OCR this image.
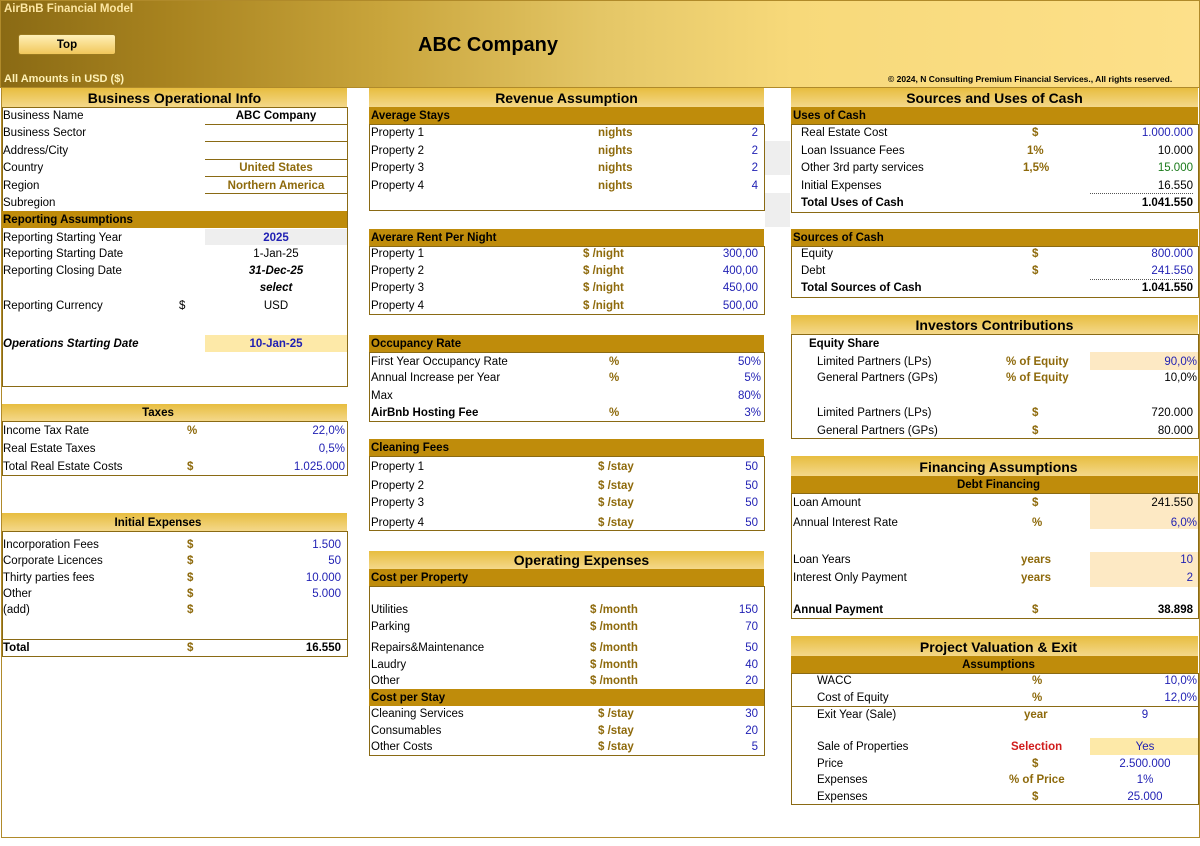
AirBnB Financial Model
Top	ABC Company
All Amounts in USD ($)	© 2024, N Consulting Premium Financial Services., All rights reserved.
Business Operational Info
Business Name	ABC Company
Business Sector
Address/City
Country	United States
Region	Northern America
Subregion
Reporting Assumptions
Reporting Starting Year	2025
Reporting Starting Date	1-Jan-25
Reporting Closing Date	31-Dec-25
select
Reporting Currency	$	USD
Operations Starting Date	10-Jan-25
Taxes
Income Tax Rate	%	22,0%
Real Estate Taxes	0,5%
Total Real Estate Costs	$	1.025.000
Initial Expenses
Incorporation Fees	$	1.500
Corporate Licences	$	50
Thirty parties fees	$	10.000
Other	$	5.000
(add)	$
Total	$	16.550
Revenue Assumption
Average Stays
Property 1	nights	2
Property 2	nights	2
Property 3	nights	2
Property 4	nights	4
Averare Rent Per Night
Property 1	$ /night	300,00
Property 2	$ /night	400,00
Property 3	$ /night	450,00
Property 4	$ /night	500,00
Occupancy Rate
First Year Occupancy Rate	%	50%
Annual Increase per Year	%	5%
Max	80%
AirBnb Hosting Fee	%	3%
Cleaning Fees
Property 1	$ /stay	50
Property 2	$ /stay	50
Property 3	$ /stay	50
Property 4	$ /stay	50
Operating Expenses
Cost per Property
Utilities	$ /month	150
Parking	$ /month	70
Repairs&Maintenance	$ /month	50
Laudry	$ /month	40
Other	$ /month	20
Cost per Stay
Cleaning Services	$ /stay	30
Consumables	$ /stay	20
Other Costs	$ /stay	5
Sources and Uses of Cash
Uses of Cash
Real Estate Cost	$	1.000.000
Loan Issuance Fees	1%	10.000
Other 3rd party services	1,5%	15.000
Initial Expenses	16.550
Total Uses of Cash	1.041.550
Sources of Cash
Equity	$	800.000
Debt	$	241.550
Total Sources of Cash	1.041.550
Investors Contributions
Equity Share
Limited Partners (LPs)	% of Equity	90,0%
General Partners (GPs)	% of Equity	10,0%
Limited Partners (LPs)	$	720.000
General Partners (GPs)	$	80.000
Financing Assumptions
Debt Financing
Loan Amount	$	241.550
Annual Interest Rate	%	6,0%
Loan Years	years	10
Interest Only Payment	years	2
Annual Payment	$	38.898
Project Valuation & Exit
Assumptions
WACC	%	10,0%
Cost of Equity	%	12,0%
Exit Year (Sale)	year	9
Sale of Properties	Selection	Yes
Price	$	2.500.000
Expenses	% of Price	1%
Expenses	$	25.000
